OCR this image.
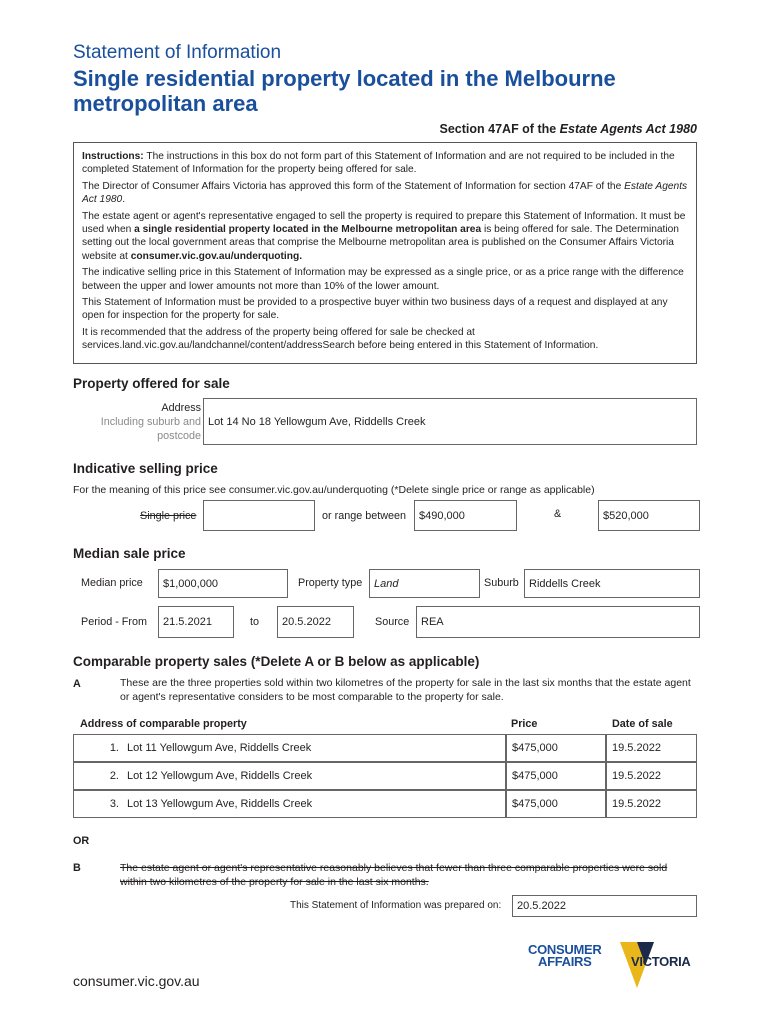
Statement of Information
Single residential property located in the Melbourne metropolitan area
Section 47AF of the Estate Agents Act 1980

Instructions: The instructions in this box do not form part of this Statement of Information and are not required to be included in the completed Statement of Information for the property being offered for sale.

The Director of Consumer Affairs Victoria has approved this form of the Statement of Information for section 47AF of the Estate Agents Act 1980.

The estate agent or agent's representative engaged to sell the property is required to prepare this Statement of Information. It must be used when a single residential property located in the Melbourne metropolitan area is being offered for sale. The Determination setting out the local government areas that comprise the Melbourne metropolitan area is published on the Consumer Affairs Victoria website at consumer.vic.gov.au/underquoting.

The indicative selling price in this Statement of Information may be expressed as a single price, or as a price range with the difference between the upper and lower amounts not more than 10% of the lower amount.

This Statement of Information must be provided to a prospective buyer within two business days of a request and displayed at any open for inspection for the property for sale.

It is recommended that the address of the property being offered for sale be checked at services.land.vic.gov.au/landchannel/content/addressSearch before being entered in this Statement of Information.

Property offered for sale
Address
Including suburb and
postcode
Lot 14 No 18 Yellowgum Ave, Riddells Creek
Indicative selling price
For the meaning of this price see consumer.vic.gov.au/underquoting (*Delete single price or range as applicable)
Single price	or range between	$490,000	&	$520,000
Median sale price
Median price	$1,000,000	Property type	Land	Suburb Riddells Creek
Period - From	21.5.2021	to	20.5.2022	Source	REA
Comparable property sales (*Delete A or B below as applicable)
A	These are the three properties sold within two kilometres of the property for sale in the last six months that the estate agent or agent's representative considers to be most comparable to the property for sale.
Address of comparable property	Price	Date of sale
1. Lot 11 Yellowgum Ave, Riddells Creek	$475,000	19.5.2022
2. Lot 12 Yellowgum Ave, Riddells Creek	$475,000	19.5.2022
3. Lot 13 Yellowgum Ave, Riddells Creek	$475,000	19.5.2022
OR
B	The estate agent or agent's representative reasonably believes that fewer than three comparable properties were sold within two kilometres of the property for sale in the last six months.
This Statement of Information was prepared on:	20.5.2022
consumer.vic.gov.au
CONSUMER
AFFAIRS	VICTORIA
